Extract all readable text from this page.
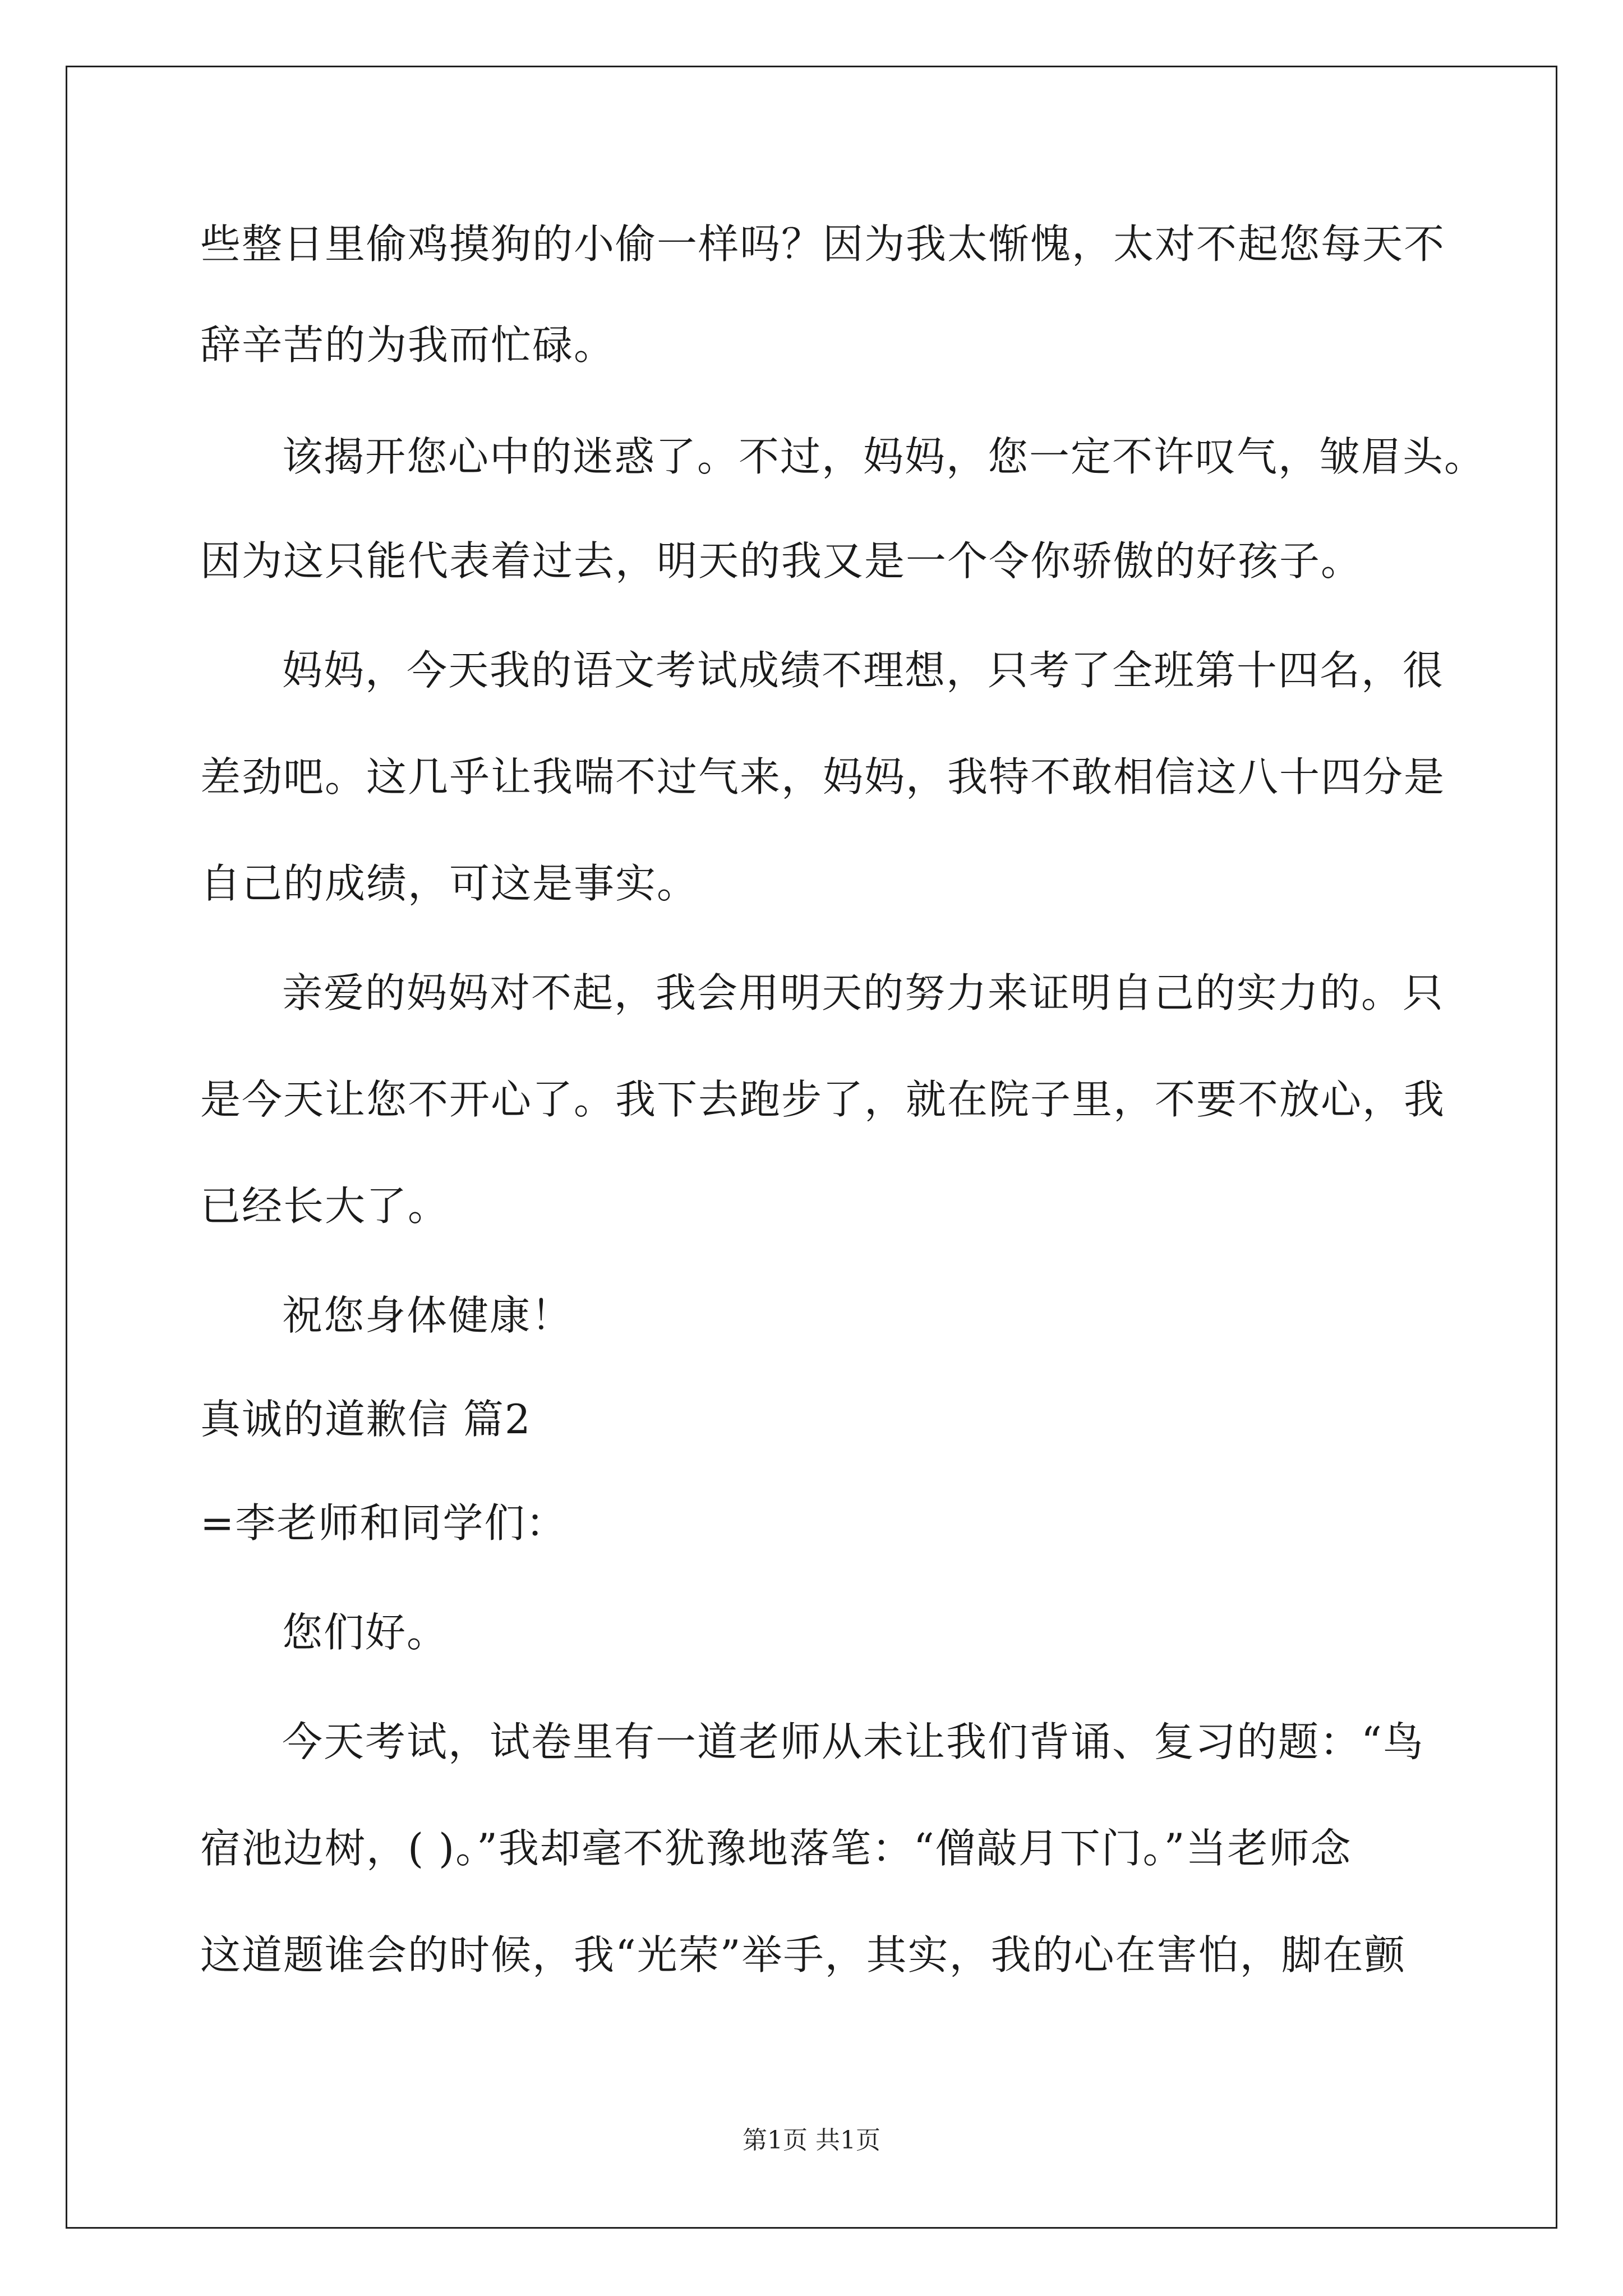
些整日里偷鸡摸狗的小偷一样吗？因为我太惭愧，太对不起您每天不
辞辛苦的为我而忙碌。
该揭开您心中的迷惑了。不过，妈妈，您一定不许叹气，皱眉头。
因为这只能代表着过去，明天的我又是一个令你骄傲的好孩子。
妈妈，今天我的语文考试成绩不理想，只考了全班第十四名，很
差劲吧。这几乎让我喘不过气来，妈妈，我特不敢相信这八十四分是
自己的成绩，可这是事实。
亲爱的妈妈对不起，我会用明天的努力来证明自己的实力的。只
是今天让您不开心了。我下去跑步了，就在院子里，不要不放心，我
已经长大了。
祝您身体健康！
真诚的道歉信 篇2
=李老师和同学们：
您们好。
今天考试，试卷里有一道老师从未让我们背诵、复习的题：“鸟
宿池边树，( )。”我却毫不犹豫地落笔：“僧敲月下门。”当老师念
这道题谁会的时候，我“光荣”举手，其实，我的心在害怕，脚在颤
第1页 共1页
